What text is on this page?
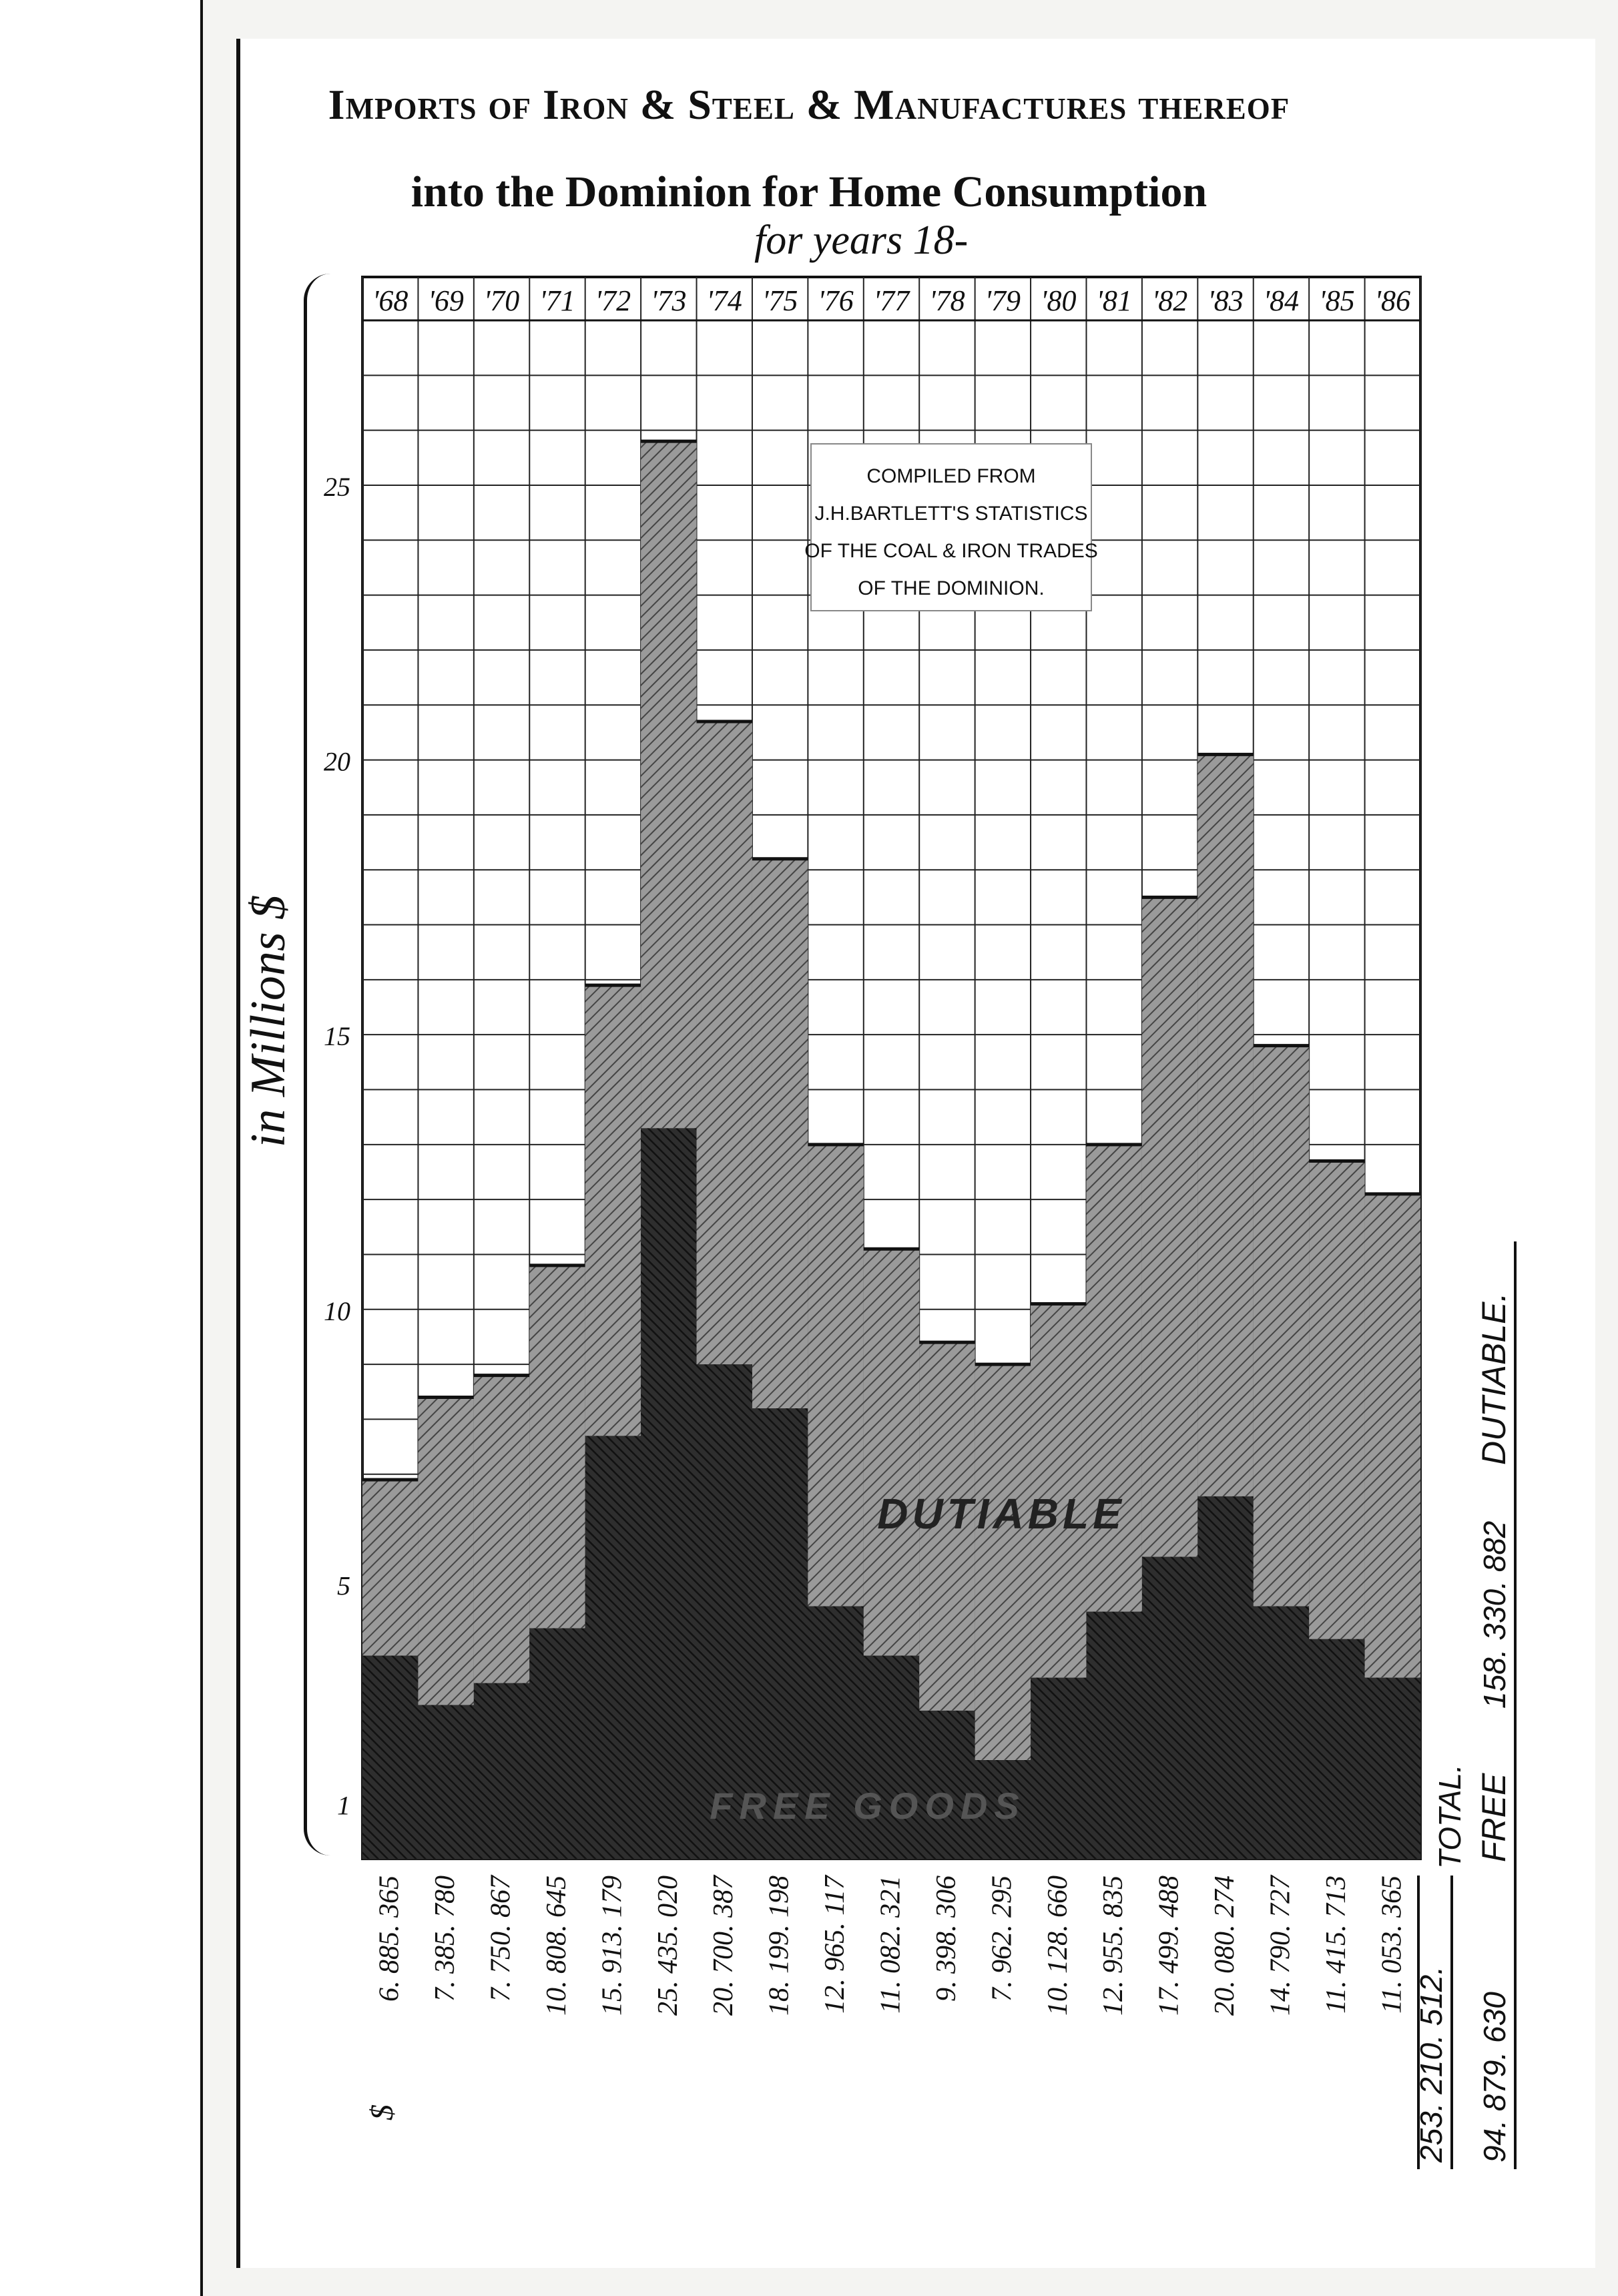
Imports of Iron & Steel & Manufactures thereof
into the Dominion for Home Consumption
for years 18-
in Millions $
'68 '69 '70 '71 '72 '73 '74 '75 '76 '77 '78 '79 '80 '81 '82 '83 '84 '85 '86
1
5
10
15
20
25
DUTIABLE
FREE GOODS
COMPILED FROM
J.H.BARTLETT'S STATISTICS
OF THE COAL & IRON TRADES
OF THE DOMINION.
6. 885. 365 7. 385. 780 7. 750. 867 10. 808. 645 15. 913. 179 25. 435. 020 20. 700. 387 18. 199. 198 12. 965. 117 11. 082. 321 9. 398. 306 7. 962. 295 10. 128. 660 12. 955. 835 17. 499. 488 20. 080. 274 14. 790. 727 11. 415. 713 11. 053. 365
$	253. 210. 512.
TOTAL.
94. 879. 630
FREE
158. 330. 882
DUTIABLE.
